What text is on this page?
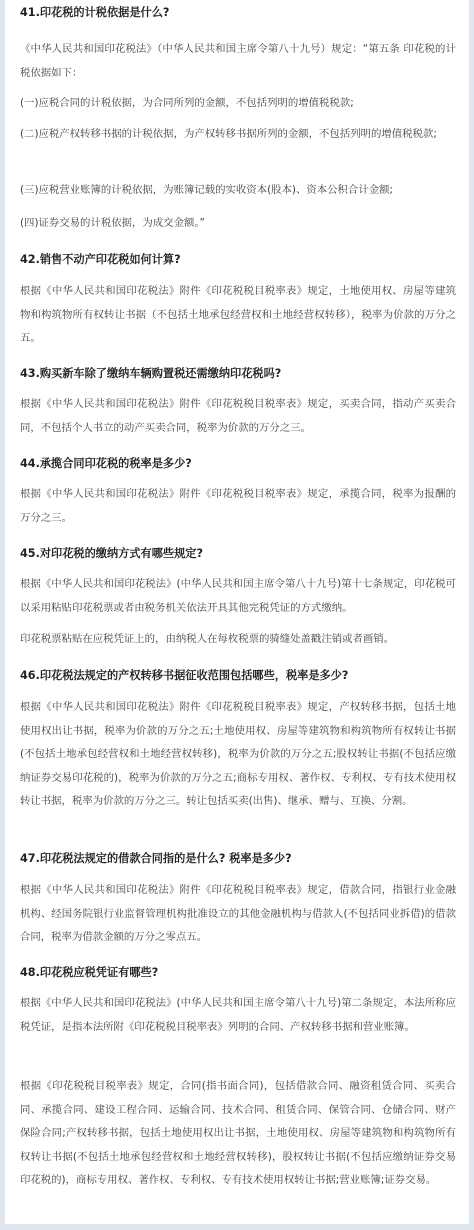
41.印花税的计税依据是什么?
《中华人民共和国印花税法》（中华人民共和国主席令第八十九号）规定：“第五条 印花税的计税依据如下：
(一)应税合同的计税依据，为合同所列的金额，不包括列明的增值税税款;
(二)应税产权转移书据的计税依据，为产权转移书据所列的金额，不包括列明的增值税税款;
(三)应税营业账簿的计税依据，为账簿记载的实收资本(股本)、资本公积合计金额;
(四)证券交易的计税依据，为成交金额。”
42.销售不动产印花税如何计算?
根据《中华人民共和国印花税法》附件《印花税税目税率表》规定，土地使用权、房屋等建筑物和构筑物所有权转让书据（不包括土地承包经营权和土地经营权转移），税率为价款的万分之五。
43.购买新车除了缴纳车辆购置税还需缴纳印花税吗?
根据《中华人民共和国印花税法》附件《印花税税目税率表》规定，买卖合同，指动产买卖合同，不包括个人书立的动产买卖合同，税率为价款的万分之三。
44.承揽合同印花税的税率是多少?
根据《中华人民共和国印花税法》附件《印花税税目税率表》规定，承揽合同，税率为报酬的万分之三。
45.对印花税的缴纳方式有哪些规定?
根据《中华人民共和国印花税法》(中华人民共和国主席令第八十九号)第十七条规定，印花税可以采用粘贴印花税票或者由税务机关依法开具其他完税凭证的方式缴纳。
印花税票粘贴在应税凭证上的，由纳税人在每枚税票的骑缝处盖戳注销或者画销。
46.印花税法规定的产权转移书据征收范围包括哪些，税率是多少?
根据《中华人民共和国印花税法》附件《印花税税目税率表》规定，产权转移书据，包括土地使用权出让书据，税率为价款的万分之五;土地使用权、房屋等建筑物和构筑物所有权转让书据(不包括土地承包经营权和土地经营权转移)，税率为价款的万分之五;股权转让书据(不包括应缴纳证券交易印花税的)，税率为价款的万分之五;商标专用权、著作权、专利权、专有技术使用权转让书据，税率为价款的万分之三。转让包括买卖(出售)、继承、赠与、互换、分割。
47.印花税法规定的借款合同指的是什么? 税率是多少?
根据《中华人民共和国印花税法》附件《印花税税目税率表》规定，借款合同，指银行业金融机构、经国务院银行业监督管理机构批准设立的其他金融机构与借款人(不包括同业拆借)的借款合同，税率为借款金额的万分之零点五。
48.印花税应税凭证有哪些?
根据《中华人民共和国印花税法》(中华人民共和国主席令第八十九号)第二条规定，本法所称应税凭证，是指本法所附《印花税税目税率表》列明的合同、产权转移书据和营业账簿。
根据《印花税税目税率表》规定，合同(指书面合同)，包括借款合同、融资租赁合同、买卖合同、承揽合同、建设工程合同、运输合同、技术合同、租赁合同、保管合同、仓储合同、财产保险合同;产权转移书据，包括土地使用权出让书据，土地使用权、房屋等建筑物和构筑物所有权转让书据(不包括土地承包经营权和土地经营权转移)，股权转让书据(不包括应缴纳证券交易印花税的)，商标专用权、著作权、专利权、专有技术使用权转让书据;营业账簿;证券交易。
